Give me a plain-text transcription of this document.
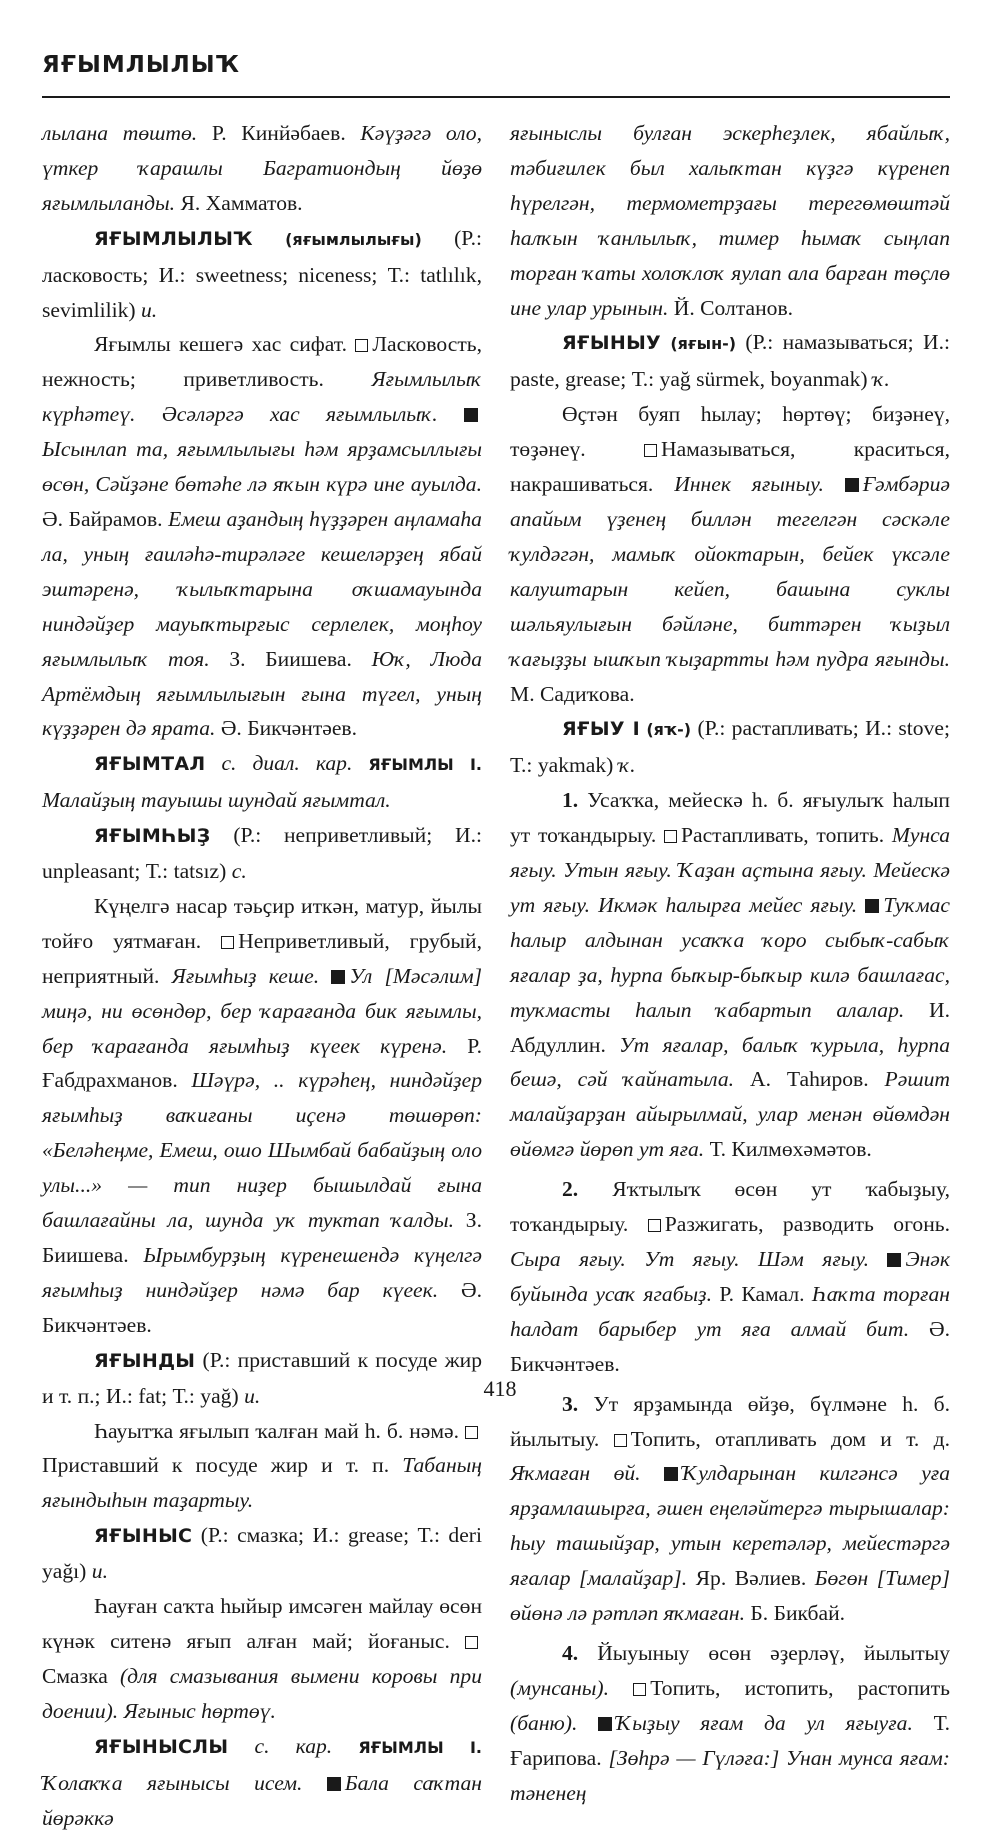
ЯҒЫМЛЫЛЫҠ

лылана төштө. Р. Кинйәбаев. Кәүҙәгә оло, үткер ҡарашлы Багратиондың йөҙө яғымлыланды. Я. Хамматов.

ЯҒЫМЛЫЛЫҠ (яғымлылығы) (Р.: ласковость; И.: sweetness; niceness; Т.: tatlılık, sevimlilik) и.

Яғымлы кешегә хас сифат. Ласковость, нежность; приветливость. Яғымлылыҡ күрһәтеү. Әсәләргә хас яғымлылыҡ. Ысынлап та, яғымлылығы һәм ярҙамсыллығы өсөн, Сәйҙәне бөтәһе лә яҡын күрә ине ауылда. Ә. Байрамов. Емеш аҙандың һүҙҙәрен аңламаһа ла, уның ғаиләһә-тирәләге кешеләрҙең ябай эштәренә, ҡылыҡтарына оҡшамауында ниндәйҙер мауыҡтырғыс серлелек, моңһоу яғымлылыҡ тоя. З. Биишева. Юҡ, Люда Артёмдың яғымлылығын ғына түгел, уның күҙҙәрен дә ярата. Ә. Бикчәнтәев.

ЯҒЫМТАЛ с. диал. кар. ЯҒЫМЛЫ I. Малайҙың тауышы шундай яғымтал.

ЯҒЫМҺЫҘ (Р.: неприветливый; И.: unpleasant; Т.: tatsız) с.

Күңелгә насар тәьҫир иткән, матур, йылы тойғо уятмаған. Неприветливый, грубый, неприятный. Яғымһыҙ кеше. Ул [Мәсәлим] миңә, ни өсөндөр, бер ҡарағанда бик яғымлы, бер ҡарағанда яғымһыҙ күеек күренә. Р. Ғабдрахманов. Шәүрә, .. күрәһең, ниндәйҙер яғымһыҙ ваҡиғаны иҫенә төшөрөп: «Беләһеңме, Емеш, ошо Шымбай бабайҙың оло улы...» — тип ниҙер бышылдай ғына башлағайны ла, шунда уҡ туктап ҡалды. З. Биишева. Ырымбурҙың күренешендә күңелгә яғымһыҙ ниндәйҙер нәмә бар күеек. Ә. Бикчәнтәев.

ЯҒЫНДЫ (Р.: приставший к посуде жир и т. п.; И.: fat; Т.: yağ) и.

Һауытҡа яғылып ҡалған май һ. б. нәмә. Приставший к посуде жир и т. п. Табаның яғындыһын таҙартыу.

ЯҒЫНЫС (Р.: смазка; И.: grease; Т.: deri yağı) и.

Һауған саҡта һыйыр имсәген майлау өсөн күнәк ситенә яғып алған май; йоғаныс. Смазка (для смазывания вымени коровы при доении). Яғыныс һөртөү.

ЯҒЫНЫСЛЫ с. кар. ЯҒЫМЛЫ I. Ҡолаҡҡа яғынысы исем. Бала саҡтан йөрәккә

яғыныслы булған эскерһеҙлек, ябайлыҡ, тәбиғилек был халыҡтан күҙгә күренеп һүрелгән, термометрҙағы терегөмөштәй һалҡын ҡанлылыҡ, тимер һымаҡ сыңлап торған ҡаты холоҡлоҡ яулап ала барған төҫлө ине улар урынын. Й. Солтанов.

ЯҒЫНЫУ (яғын-) (Р.: намазываться; И.: paste, grease; Т.: yağ sürmek, boyanmak) ҡ.

Өҫтән буяп һылау; һөртөү; биҙәнеү, төҙәнеү.	Намазываться, краситься, накрашиваться. Иннек яғыныу. Ғәмбәриә апайым үҙенең биллән тегелгән сәскәле ҡулдәгән, мамыҡ ойоктарын, бейек үксәле калуштарын кейеп, башына суклы шәльяулығын бәйләне, биттәрен ҡыҙыл ҡағыҙҙы ышҡып ҡыҙартты һәм пудра яғынды. М. Садиҡова.

ЯҒЫУ I (яҡ-) (Р.: растапливать; И.: stove; Т.: yakmak) ҡ.

1. Усаҡҡа, мейескә һ. б. яғыулыҡ һалып ут тоҡандырыу. Растапливать, топить. Мунса яғыу. Утын яғыу. Ҡаҙан аҫтына яғыу. Мейескә ут яғыу. Икмәк һалырға мейес яғыу. Туҡмас һалыр алдынан усаҡҡа ҡоро сыбыҡ-сабыҡ яғалар ҙа, һурпа быҡыр-быҡыр килә башлағас, туҡмасты һалып ҡабартып алалар. И. Абдуллин. Ут яғалар, балыҡ ҡурыла, һурпа бешә, сәй ҡайнатыла. А. Таһиров. Рәшит малайҙарҙан айырылмай, улар менән өйөмдән өйөмгә йөрөп ут яға. Т. Килмөхәмәтов.

2. Яҡтылыҡ өсөн ут ҡабыҙыу, тоҡандырыу. Разжигать, разводить огонь. Сыра яғыу. Ут яғыу. Шәм яғыу. Энәк буйында усаҡ ягабыҙ. Р. Камал. Һаҡта торған һалдат барыбер ут яға алмай бит. Ә. Бикчәнтәев.

3. Ут ярҙамында өйҙө, бүлмәне һ. б. йылытыу. Топить, отапливать дом и т. д. Яҡмаған өй. Ҡулдарынан килгәнсә уға ярҙамлашырға, әшен еңеләйтергә тырышалар: һыу ташыйҙар, утын керетәләр, мейестәргә яғалар [малайҙар]. Яр. Вәлиев. Бөгөн [Тимер] өйөнә лә рәтләп яҡмаған. Б. Бикбай.

4. Йыуыныу өсөн әҙерләү, йылытыу (мунсаны). Топить, истопить, растопить (баню). Ҡыҙыу яғам да ул яғыуға. Т. Ғарипова. [Зөһрә — Гүләға:] Унан мунса яғам: тәненең

418
